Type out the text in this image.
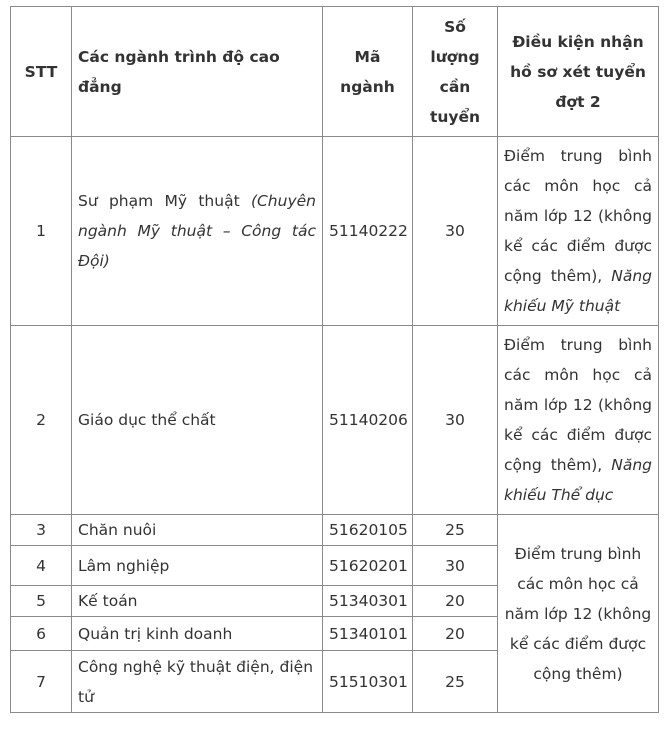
STT	Các ngành trình độ cao đẳng	Mã ngành	Số lượng cần tuyển	Điều kiện nhận hồ sơ xét tuyển đợt 2
1	Sư phạm Mỹ thuật (Chuyên ngành Mỹ thuật – Công tác Đội)	51140222	30	Điểm trung bình các môn học cả năm lớp 12 (không kể các điểm được cộng thêm), Năng khiếu Mỹ thuật
2	Giáo dục thể chất	51140206	30	Điểm trung bình các môn học cả năm lớp 12 (không kể các điểm được cộng thêm), Năng khiếu Thể dục
3	Chăn nuôi	51620105	25	Điểm trung bình các môn học cả năm lớp 12 (không kể các điểm được cộng thêm)
4	Lâm nghiệp	51620201	30	
5	Kế toán	51340301	20	
6	Quản trị kinh doanh	51340101	20	
7	Công nghệ kỹ thuật điện, điện tử	51510301	25	
